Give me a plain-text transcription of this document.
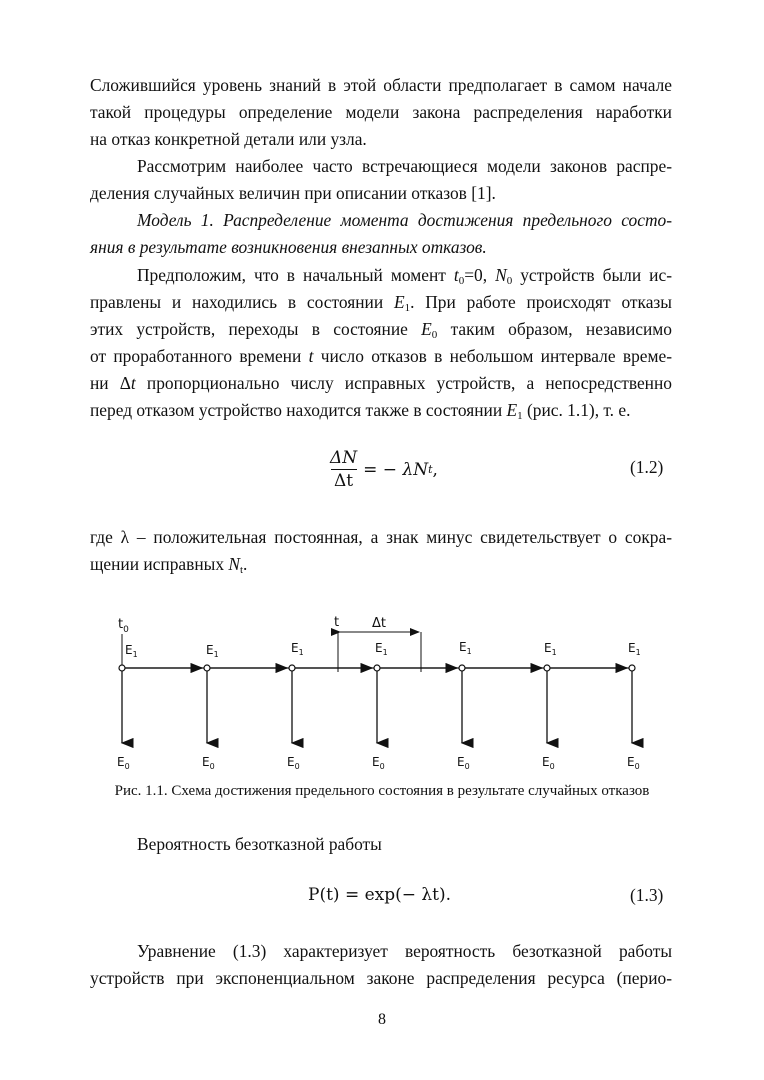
Сложившийся уровень знаний в этой области предполагает в самом начале
такой процедуры определение модели закона распределения наработки
на отказ конкретной детали или узла.
Рассмотрим наиболее часто встречающиеся модели законов распре-
деления случайных величин при описании отказов [1].
Модель 1. Распределение момента достижения предельного состо-
яния в результате возникновения внезапных отказов.
Предположим, что в начальный момент $t_0=0$, $N_0$ устройств были ис-
правлены и находились в состоянии $E_1$. При работе происходят отказы
этих устройств, переходы в состояние $E_0$ таким образом, независимо
от проработанного времени t число отказов в небольшом интервале време-
ни Δt пропорционально числу исправных устройств, а непосредственно
перед отказом устройство находится также в состоянии $E_1$ (рис. 1.1), т. е.
ΔN
Δt
= − λN t ,	(1.2)
где λ – положительная постоянная, а знак минус свидетельствует о сокра-
щении исправных $N_t$.
$t_0$	t	Δt
$E_1$	$E_1$	$E_1$	$E_1$	$E_1$	$E_1$	$E_1$
$E_0$	$E_0$	$E_0$	$E_0$	$E_0$	$E_0$	$E_0$
Рис. 1.1. Схема достижения предельного состояния в результате случайных отказов
Вероятность безотказной работы
P(t) = exp(− λt).	(1.3)
Уравнение (1.3) характеризует вероятность безотказной работы
устройств при экспоненциальном законе распределения ресурса (перио-
8
